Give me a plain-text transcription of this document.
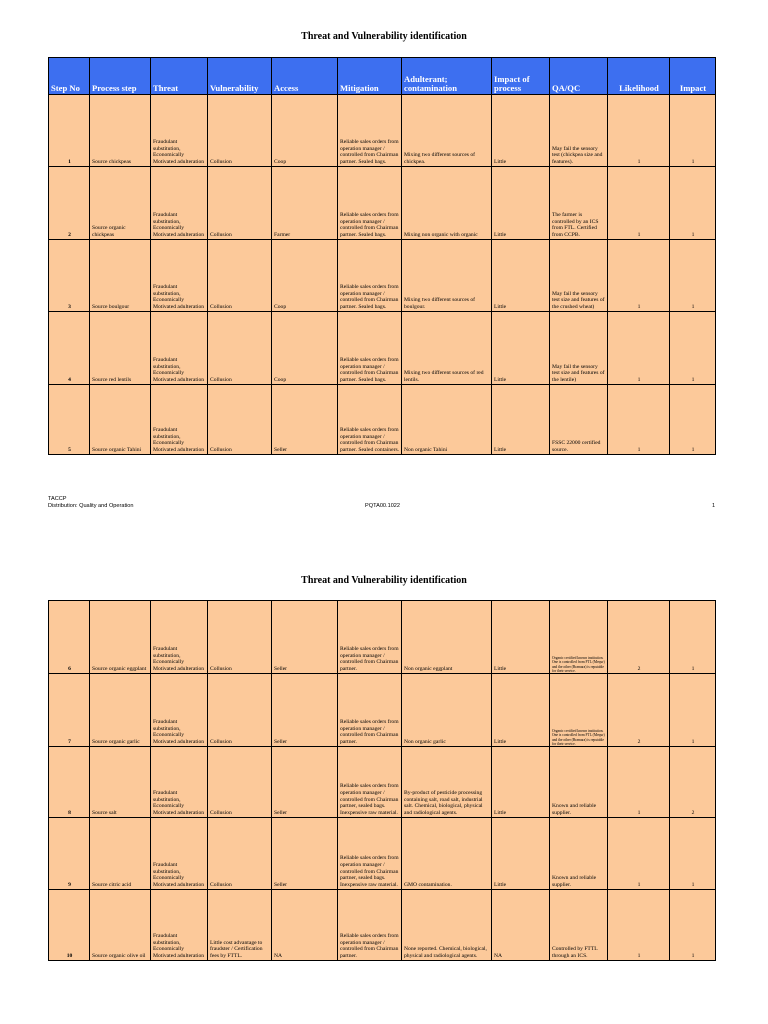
Threat and Vulnerability identification
Step No	Process step	Threat	Vulnerability	Access	Mitigation	Adulterant; contamination	Impact of process	QA/QC	Likelihood	Impact
1	Source chickpeas	Fraudulant substitution, Economically Motivated adulteration	Collusion	Coop	Reliable sales orders from operation manager / controlled from Chairman partner. Sealed bags.	Mixing two different sources of chickpea.	Little	May fail the sensory test (chickpea size and features).	1	1
2	Source organic chickpeas	Fraudulant substitution, Economically Motivated adulteration	Collusion	Farmer	Reliable sales orders from operation manager / controlled from Chairman partner. Sealed bags.	Mixing non organic with organic	Little	The farmer is controlled by an ICS from FTL. Certified from CCPB.	1	1
3	Source boulgour	Fraudulant substitution, Economically Motivated adulteration	Collusion	Coop	Reliable sales orders from operation manager / controlled from Chairman partner. Sealed bags.	Mixing two different sources of boulgour.	Little	May fail the sensory test size and features of the crushed wheat)	1	1
4	Source red lentils	Fraudulant substitution, Economically Motivated adulteration	Collusion	Coop	Reliable sales orders from operation manager / controlled from Chairman partner. Sealed bags.	Mixing two different sources of red lentils.	Little	May fail the sensory test size and features of the lentile)	1	1
5	Source organic Tahini	Fraudulant substitution, Economically Motivated adulteration	Collusion	Seller	Reliable sales orders from operation manager / controlled from Chairman partner. Sealed containers.	Non organic Tahini	Little	FSSC 22000 certified source.	1	1
TACCP
Distribution: Quality and Operation	PQTA00.1022	1
Threat and Vulnerability identification
6	Source organic eggplant	Fraudulant substitution, Economically Motivated adulteration	Collusion	Seller	Reliable sales orders from operation manager / controlled from Chairman partner.	Non organic eggplant	Little	Organic certified known institution. One is controlled from FTL (Mequr) and the other (Bramara) is reputable for their service.	2	1
7	Source organic garlic	Fraudulant substitution, Economically Motivated adulteration	Collusion	Seller	Reliable sales orders from operation manager / controlled from Chairman partner.	Non organic garlic	Little	Organic certified known institution. One is controlled from FTL (Mequr) and the other (Bramara) is reputable for their service.	2	1
8	Source salt	Fraudulant substitution, Economically Motivated adulteration	Collusion	Seller	Reliable sales orders from operation manager / controlled from Chairman partner, sealed bags. Inexpensive raw material.	By-product of pesticide processing containing salt, road salt, industrial salt. Chemical, biological, physical and radiological agents.	Little	Known and reliable supplier.	1	2
9	Source citric acid	Fraudulant substitution, Economically Motivated adulteration	Collusion	Seller	Reliable sales orders from operation manager / controlled from Chairman partner, sealed bags. Inexpensive raw material.	GMO contamination.	Little	Known and reliable supplier.	1	1
10	Source organic olive oil	Fraudulant substitution, Economically Motivated adulteration	Little cost advantage to fraudster / Certification fees by FTTL.	NA	Reliable sales orders from operation manager / controlled from Chairman partner.	None reported. Chemical, biological, physical and radiological agents.	NA	Controlled by FTTL through an ICS.	1	1
